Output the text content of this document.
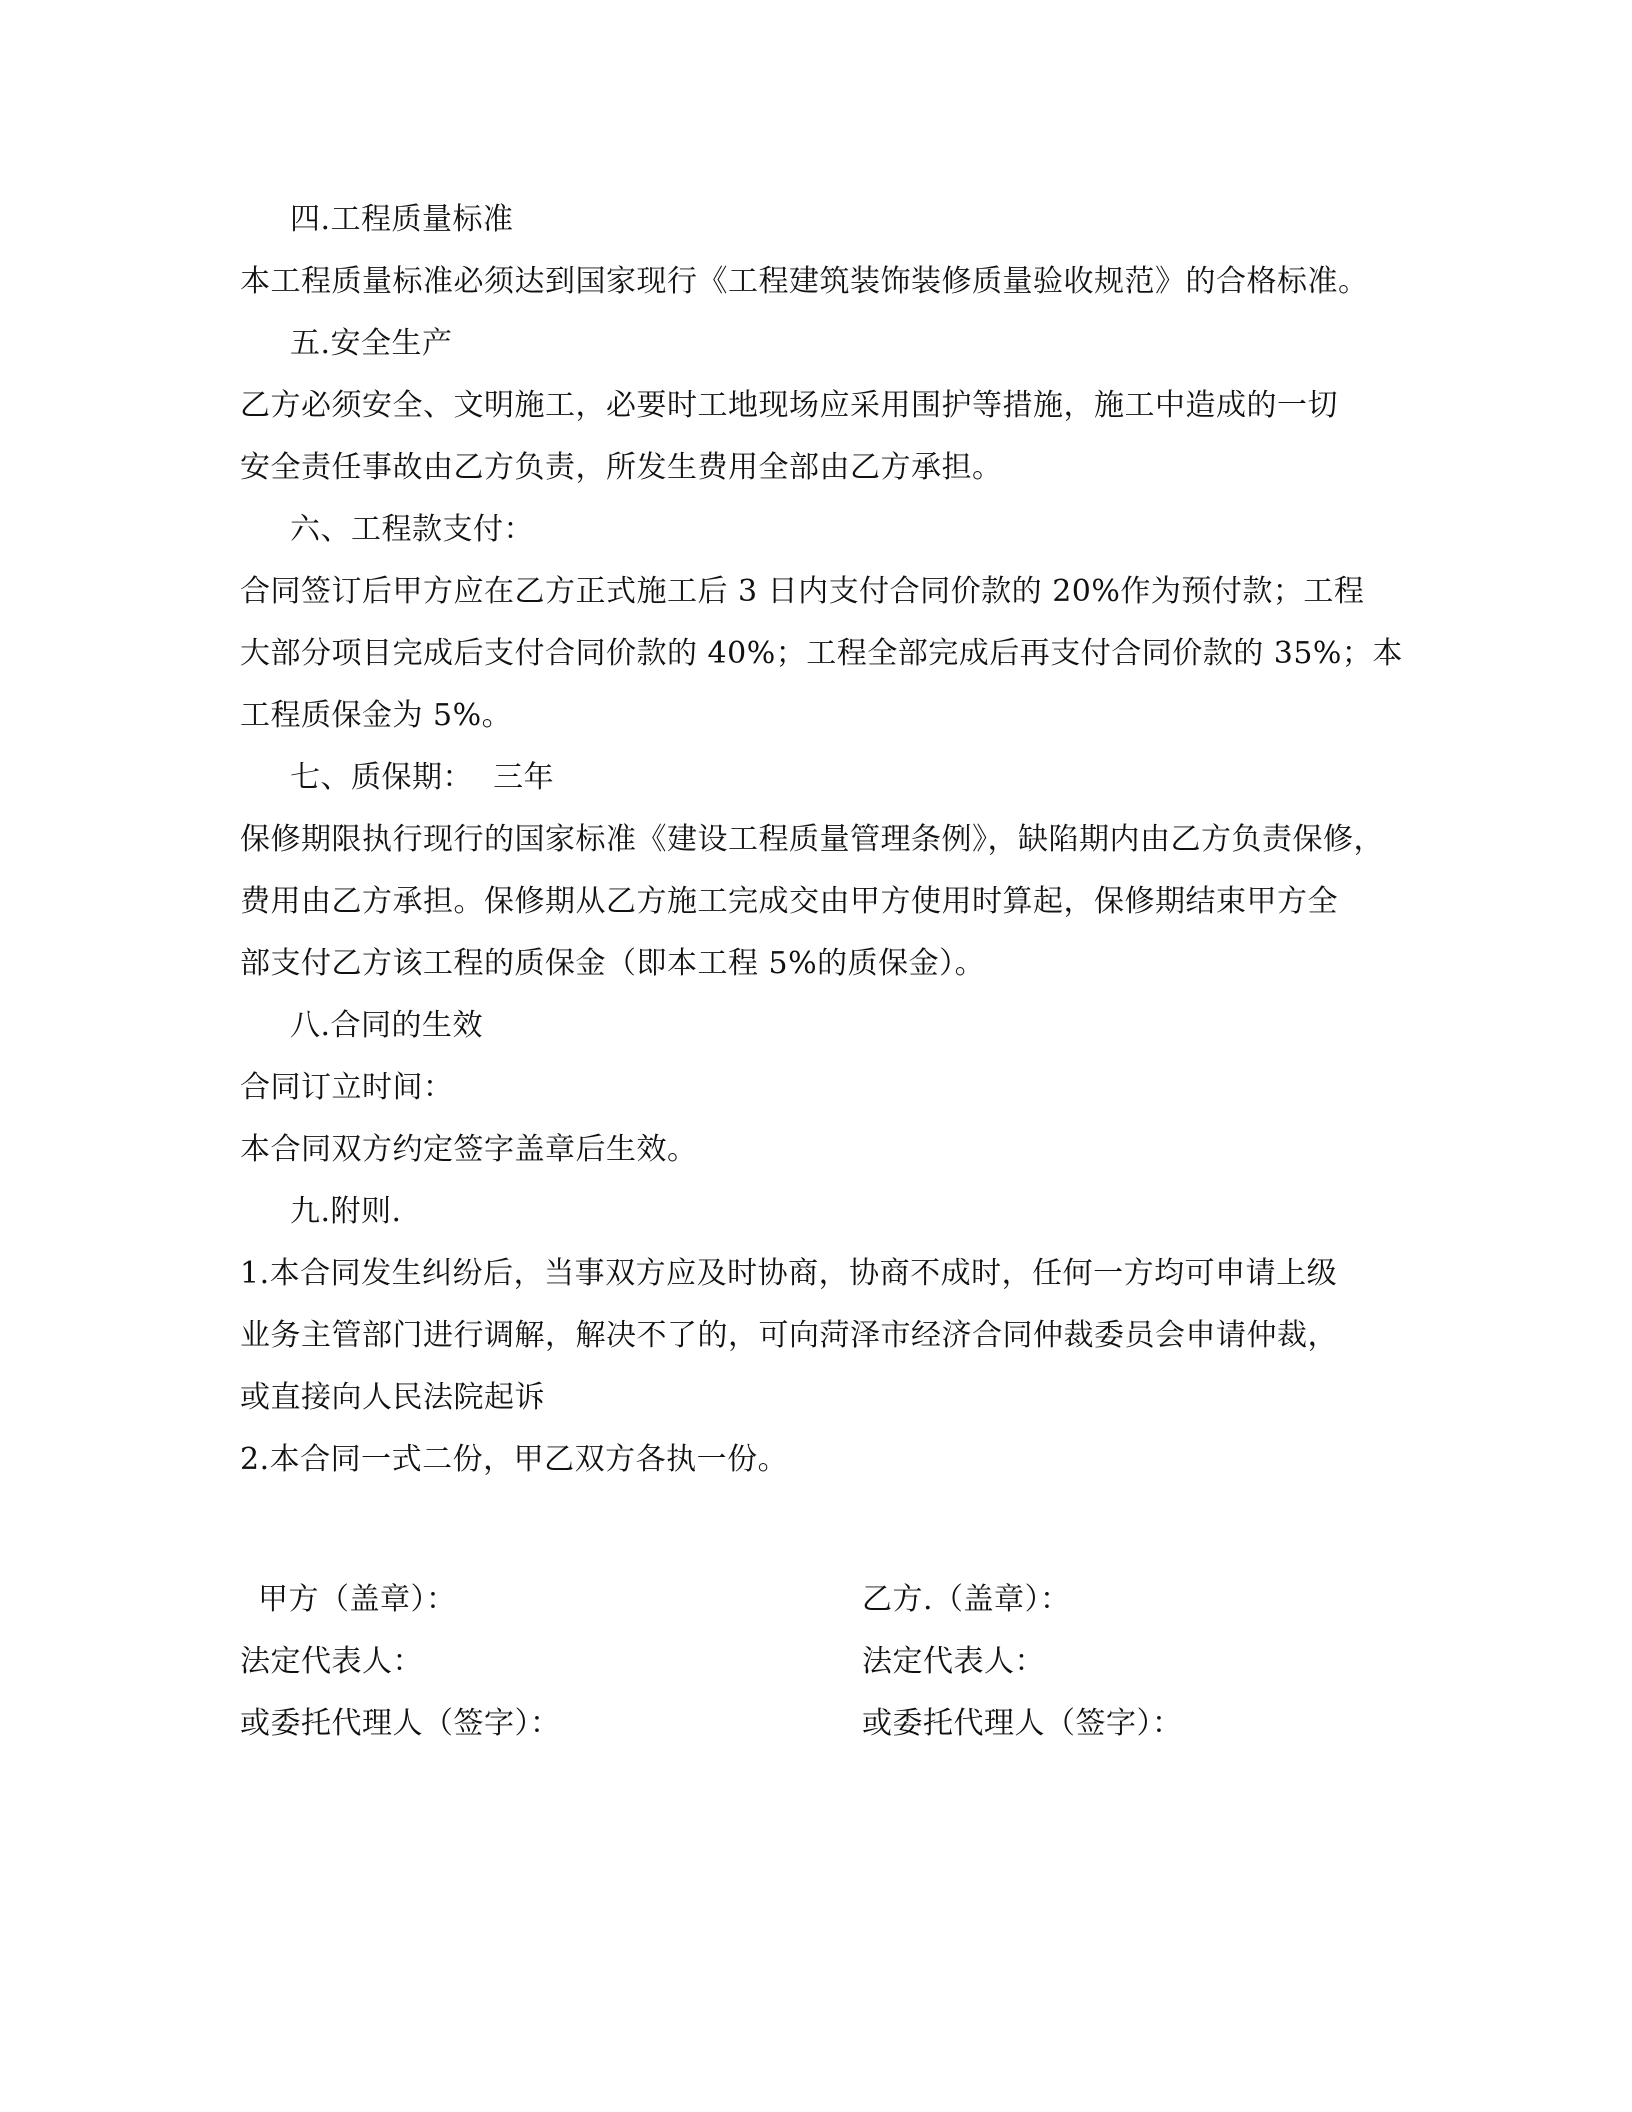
四.工程质量标准
本工程质量标准必须达到国家现行《工程建筑装饰装修质量验收规范》的合格标准。
五.安全生产
乙方必须安全、文明施工，必要时工地现场应采用围护等措施，施工中造成的一切
安全责任事故由乙方负责，所发生费用全部由乙方承担。
六、工程款支付：
合同签订后甲方应在乙方正式施工后 3 日内支付合同价款的 20%作为预付款；工程
大部分项目完成后支付合同价款的 40%；工程全部完成后再支付合同价款的 35%；本
工程质保金为 5%。
七、质保期：  三年
保修期限执行现行的国家标准《建设工程质量管理条例》，缺陷期内由乙方负责保修，
费用由乙方承担。保修期从乙方施工完成交由甲方使用时算起，保修期结束甲方全
部支付乙方该工程的质保金（即本工程 5%的质保金）。
八.合同的生效
合同订立时间：
本合同双方约定签字盖章后生效。
九.附则.
1.本合同发生纠纷后，当事双方应及时协商，协商不成时，任何一方均可申请上级
业务主管部门进行调解，解决不了的，可向菏泽市经济合同仲裁委员会申请仲裁，
或直接向人民法院起诉
2.本合同一式二份，甲乙双方各执一份。
甲方（盖章）：	乙方.（盖章）：
法定代表人：	法定代表人：
或委托代理人（签字）：	或委托代理人（签字）：
